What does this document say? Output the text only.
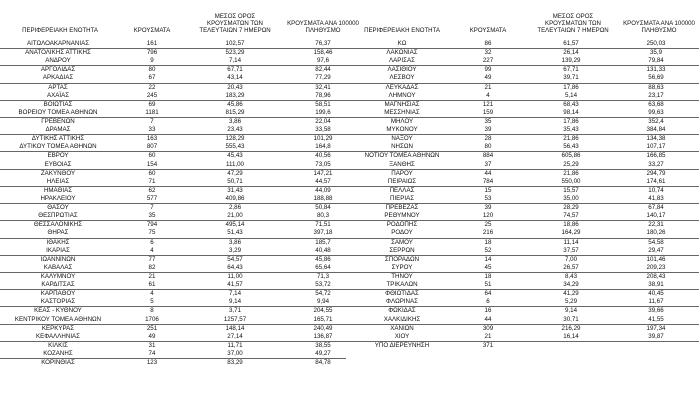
ΠΕΡΙΦΕΡΕΙΑΚΗ ΕΝΟΤΗΤΑ	ΚΡΟΥΣΜΑΤΑ
ΜΕΣΟΣ ΟΡΟΣ
ΚΡΟΥΣΜΑΤΩΝ ΤΩΝ
ΤΕΛΕΥΤΑΙΩΝ 7 ΗΜΕΡΩΝ
ΚΡΟΥΣΜΑΤΑ ΑΝΑ 100000
ΠΛΗΘΥΣΜΟ	ΠΕΡΙΦΕΡΕΙΑΚΗ ΕΝΟΤΗΤΑ	ΚΡΟΥΣΜΑΤΑ
ΜΕΣΟΣ ΟΡΟΣ
ΚΡΟΥΣΜΑΤΩΝ ΤΩΝ
ΤΕΛΕΥΤΑΙΩΝ 7 ΗΜΕΡΩΝ
ΚΡΟΥΣΜΑΤΑ ΑΝΑ 100000
ΠΛΗΘΥΣΜΟ
ΑΙΤΩΛΟΑΚΑΡΝΑΝΙΑΣ	161	102,57	76,37
ΑΝΑΤΟΛΙΚΗΣ ΑΤΤΙΚΗΣ	796	523,29	158,46
ΑΝΔΡΟΥ	9	7,14	97,6
ΑΡΓΟΛΙΔΑΣ	80	67,71	82,44
ΑΡΚΑΔΙΑΣ	67	43,14	77,29
ΑΡΤΑΣ	22	20,43	32,41
ΑΧΑΪΑΣ	245	183,29	78,96
ΒΟΙΩΤΙΑΣ	69	45,86	58,51
ΒΟΡΕΙΟΥ ΤΟΜΕΑ ΑΘΗΝΩΝ	1181	815,29	199,6
ΓΡΕΒΕΝΩΝ	7	3,86	22,04
ΔΡΑΜΑΣ	33	23,43	33,58
ΔΥΤΙΚΗΣ ΑΤΤΙΚΗΣ	163	128,29	101,29
ΔΥΤΙΚΟΥ ΤΟΜΕΑ ΑΘΗΝΩΝ	807	555,43	164,8
ΕΒΡΟΥ	60	45,43	40,56
ΕΥΒΟΙΑΣ	154	111,00	73,05
ΖΑΚΥΝΘΟΥ	60	47,29	147,21
ΗΛΕΙΑΣ	71	50,71	44,57
ΗΜΑΘΙΑΣ	62	31,43	44,09
ΗΡΑΚΛΕΙΟΥ	577	409,86	188,88
ΘΑΣΟΥ	7	2,86	50,84
ΘΕΣΠΡΩΤΙΑΣ	35	21,00	80,3
ΘΕΣΣΑΛΟΝΙΚΗΣ	794	495,14	71,51
ΘΗΡΑΣ	75	51,43	397,18
ΙΘΑΚΗΣ	6	3,86	185,7
ΙΚΑΡΙΑΣ	4	3,29	40,48
ΙΩΑΝΝΙΝΩΝ	77	54,57	45,86
ΚΑΒΑΛΑΣ	82	64,43	65,64
ΚΑΛΥΜΝΟΥ	21	11,00	71,3
ΚΑΡΔΙΤΣΑΣ	61	41,57	53,72
ΚΑΡΠΑΘΟΥ	4	7,14	54,72
ΚΑΣΤΟΡΙΑΣ	5	9,14	9,94
ΚΕΑΣ - ΚΥΘΝΟΥ	8	3,71	204,55
ΚΕΝΤΡΙΚΟΥ ΤΟΜΕΑ ΑΘΗΝΩΝ	1706	1257,57	165,71
ΚΕΡΚΥΡΑΣ	251	148,14	240,49
ΚΕΦΑΛΛΗΝΙΑΣ	49	27,14	136,87
ΚΙΛΚΙΣ	31	11,71	38,55
ΚΟΖΑΝΗΣ	74	37,00	49,27
ΚΟΡΙΝΘΙΑΣ	123	83,29	84,78
ΚΩ	86	61,57	250,03
ΛΑΚΩΝΙΑΣ	32	26,14	35,9
ΛΑΡΙΣΑΣ	227	139,29	79,84
ΛΑΣΙΘΙΟΥ	99	67,71	131,33
ΛΕΣΒΟΥ	49	39,71	56,69
ΛΕΥΚΑΔΑΣ	21	17,86	88,63
ΛΗΜΝΟΥ	4	5,14	23,17
ΜΑΓΝΗΣΙΑΣ	121	68,43	63,68
ΜΕΣΣΗΝΙΑΣ	159	98,14	99,63
ΜΗΛΟΥ	35	17,86	352,4
ΜΥΚΟΝΟΥ	39	35,43	384,84
ΝΑΞΟΥ	28	21,86	134,38
ΝΗΣΩΝ	80	56,43	107,17
ΝΟΤΙΟΥ ΤΟΜΕΑ ΑΘΗΝΩΝ	884	605,86	166,85
ΞΑΝΘΗΣ	37	25,29	33,27
ΠΑΡΟΥ	44	21,86	294,79
ΠΕΙΡΑΙΩΣ	784	550,00	174,61
ΠΕΛΛΑΣ	15	15,57	10,74
ΠΙΕΡΙΑΣ	53	35,00	41,83
ΠΡΕΒΕΖΑΣ	39	28,29	67,84
ΡΕΘΥΜΝΟΥ	120	74,57	140,17
ΡΟΔΟΠΗΣ	25	18,86	22,31
ΡΟΔΟΥ	216	164,29	180,26
ΣΑΜΟΥ	18	11,14	54,58
ΣΕΡΡΩΝ	52	37,57	29,47
ΣΠΟΡΑΔΩΝ	14	7,00	101,46
ΣΥΡΟΥ	45	26,57	209,23
ΤΗΝΟΥ	18	8,43	208,43
ΤΡΙΚΑΛΩΝ	51	34,29	38,91
ΦΘΙΩΤΙΔΑΣ	64	41,29	40,45
ΦΛΩΡΙΝΑΣ	6	5,29	11,67
ΦΩΚΙΔΑΣ	16	9,14	39,66
ΧΑΛΚΙΔΙΚΗΣ	44	30,71	41,55
ΧΑΝΙΩΝ	309	216,29	197,34
ΧΙΟΥ	21	16,14	39,87
ΥΠΟ ΔΙΕΡΕΥΝΗΣΗ	371
